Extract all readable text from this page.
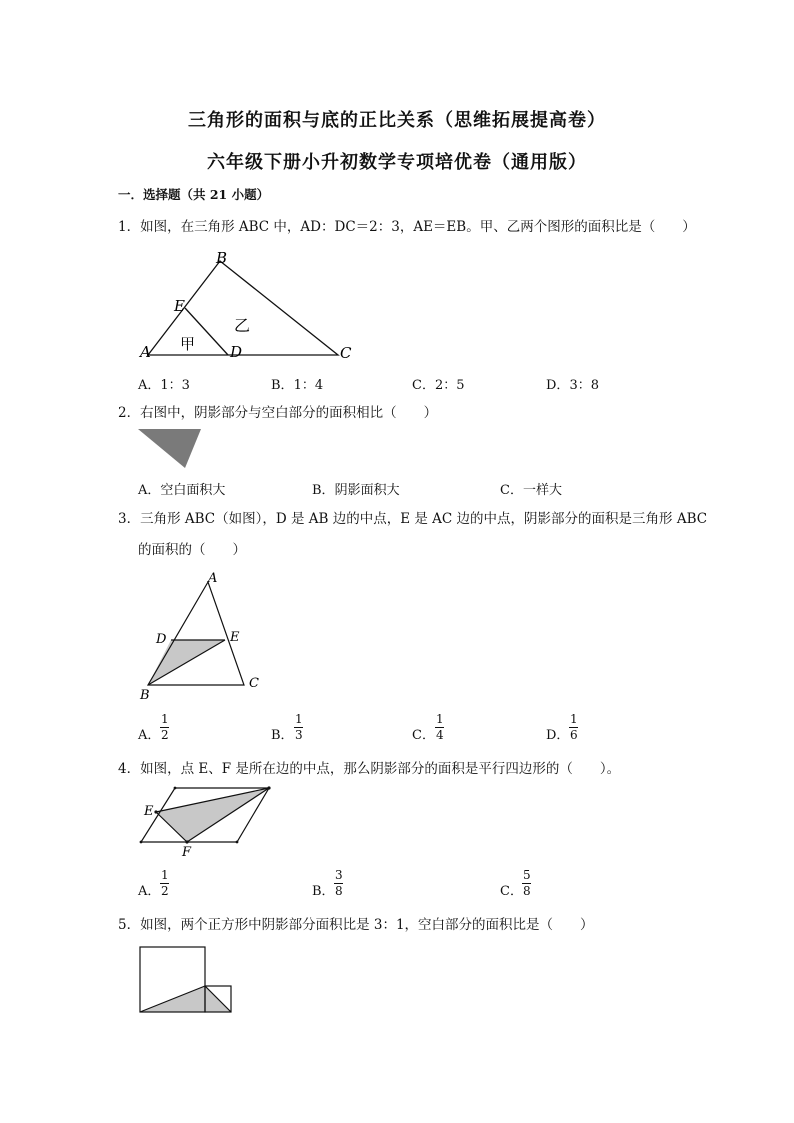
三角形的面积与底的正比关系（思维拓展提高卷）
六年级下册小升初数学专项培优卷（通用版）
一．选择题（共 21 小题）
1．如图，在三角形 ABC 中，AD：DC＝2：3，AE＝EB。甲、乙两个图形的面积比是（　　）
B
E
A	D	C
甲
乙
A．1：3	B．1：4	C．2：5	D．3：8
2．右图中，阴影部分与空白部分的面积相比（　　）
A．空白面积大	B．阴影面积大	C．一样大
3．三角形 ABC（如图），D 是 AB 边的中点，E 是 AC 边的中点，阴影部分的面积是三角形 ABC
的面积的（　　）
A
D	E
B
C
A．
1
2	B．
1
3	C．
1
4	D．
1
6
4．如图，点 E、F 是所在边的中点，那么阴影部分的面积是平行四边形的（　　）。
E
F
A．
1
2	B．
3
8	C．
5
8
5．如图，两个正方形中阴影部分面积比是 3：1，空白部分的面积比是（　　）
